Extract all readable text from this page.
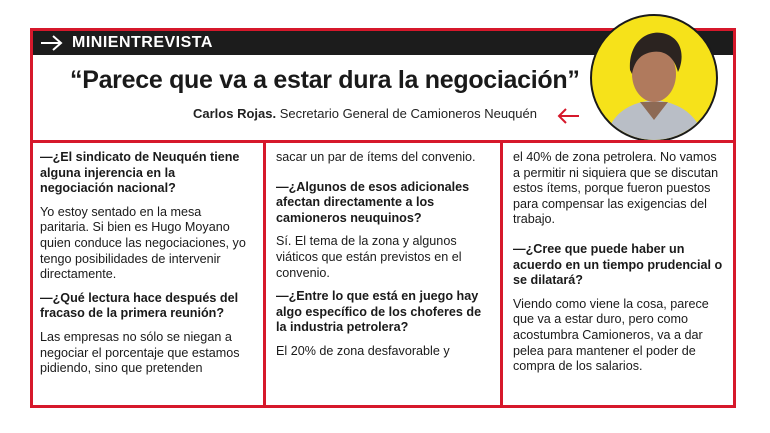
MINIENTREVISTA
“Parece que va a estar dura la negociación”
Carlos Rojas. Secretario General de Camioneros Neuquén

—¿El sindicato de Neuquén tiene alguna injerencia en la negociación nacional?

Yo estoy sentado en la mesa paritaria. Si bien es Hugo Moyano quien conduce las negociaciones, yo tengo posibilidades de intervenir directamente.

—¿Qué lectura hace después del fracaso de la primera reunión?

Las empresas no sólo se niegan a negociar el porcentaje que estamos pidiendo, sino que pretenden

sacar un par de ítems del convenio.

—¿Algunos de esos adicionales afectan directamente a los camioneros neuquinos?

Sí. El tema de la zona y algunos viáticos que están previstos en el convenio.

—¿Entre lo que está en juego hay algo específico de los choferes de la industria petrolera?

El 20% de zona desfavorable y

el 40% de zona petrolera. No vamos a permitir ni siquiera que se discutan estos ítems, porque fueron puestos para compensar las exigencias del trabajo.

—¿Cree que puede haber un acuerdo en un tiempo prudencial o se dilatará?

Viendo como viene la cosa, parece que va a estar duro, pero como acostumbra Camioneros, va a dar pelea para mantener el poder de compra de los salarios.
